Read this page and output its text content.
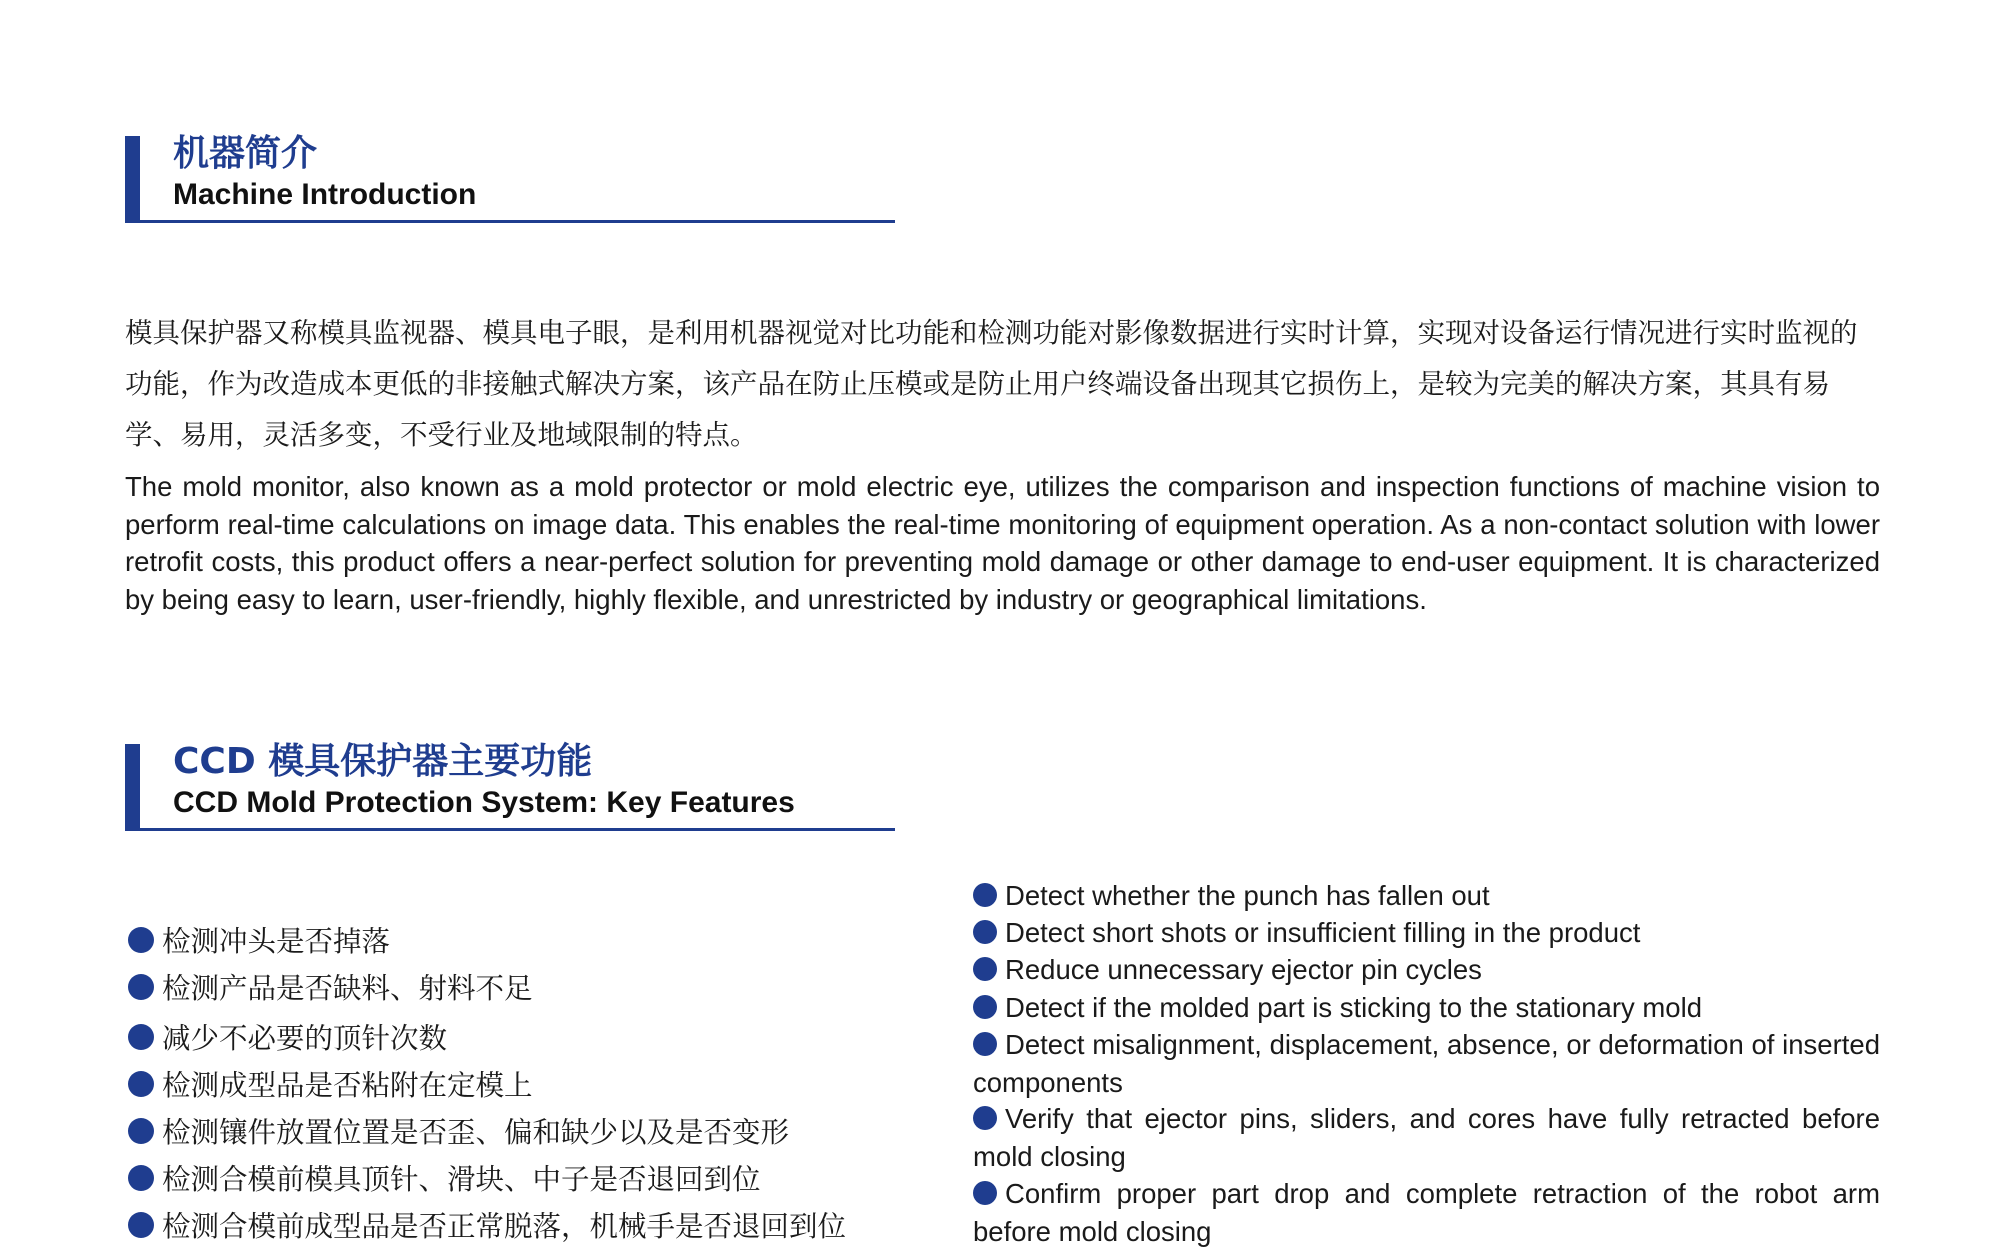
机器简介
Machine Introduction

模具保护器又称模具监视器、模具电子眼，是利用机器视觉对比功能和检测功能对影像数据进行实时计算，实现对设备运行情况进行实时监视的功能，作为改造成本更低的非接触式解决方案，该产品在防止压模或是防止用户终端设备出现其它损伤上，是较为完美的解决方案，其具有易学、易用，灵活多变，不受行业及地域限制的特点。

The mold monitor, also known as a mold protector or mold electric eye, utilizes the comparison and inspection functions of machine vision to perform real-time calculations on image data. This enables the real-time monitoring of equipment operation. As a non-contact solution with lower retrofit costs, this product offers a near-perfect solution for preventing mold damage or other damage to end-user equipment. It is characterized by being easy to learn, user-friendly, highly flexible, and unrestricted by industry or geographical limitations.

CCD 模具保护器主要功能
CCD Mold Protection System: Key Features
检测冲头是否掉落
检测产品是否缺料、射料不足
减少不必要的顶针次数
检测成型品是否粘附在定模上
检测镶件放置位置是否歪、偏和缺少以及是否变形
检测合模前模具顶针、滑块、中子是否退回到位
检测合模前成型品是否正常脱落，机械手是否退回到位
Detect whether the punch has fallen out
Detect short shots or insufficient filling in the product
Reduce unnecessary ejector pin cycles
Detect if the molded part is sticking to the stationary mold
Detect misalignment, displacement, absence, or deformation of inserted components
Verify that ejector pins, sliders, and cores have fully retracted before mold closing
Confirm proper part drop and complete retraction of the robot arm before mold closing
